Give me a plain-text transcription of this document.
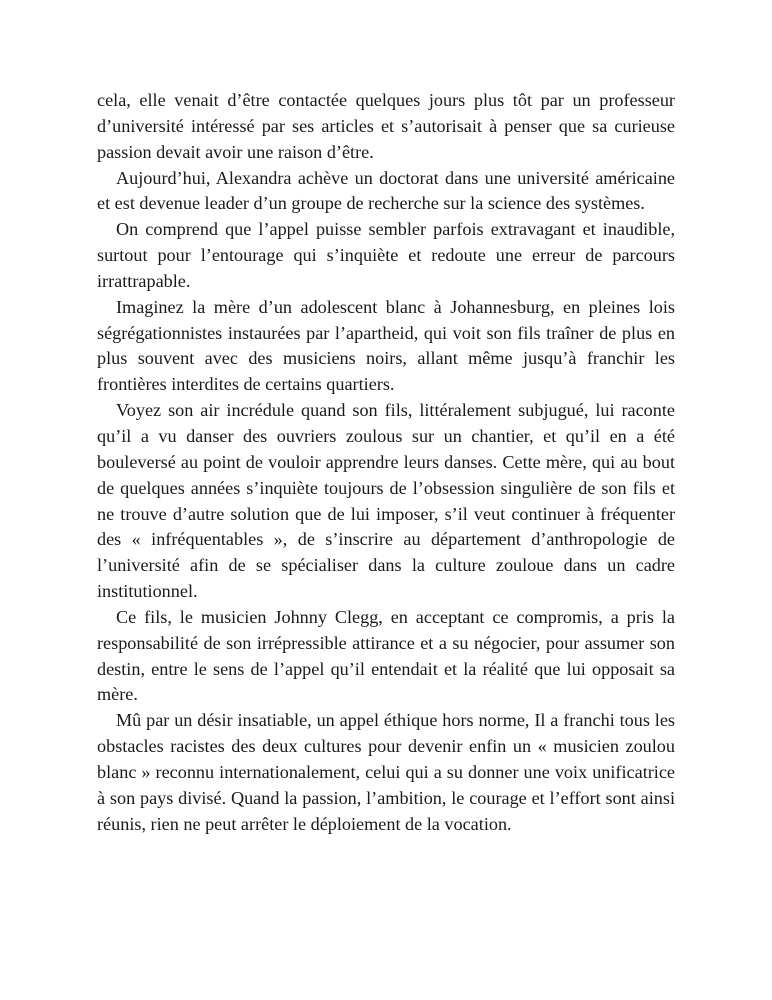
cela, elle venait d’être contactée quelques jours plus tôt par un professeur d’université intéressé par ses articles et s’autorisait à penser que sa curieuse passion devait avoir une raison d’être.

Aujourd’hui, Alexandra achève un doctorat dans une université américaine et est devenue leader d’un groupe de recherche sur la science des systèmes.

On comprend que l’appel puisse sembler parfois extravagant et inaudible, surtout pour l’entourage qui s’inquiète et redoute une erreur de parcours irrattrapable.

Imaginez la mère d’un adolescent blanc à Johannesburg, en pleines lois ségrégationnistes instaurées par l’apartheid, qui voit son fils traîner de plus en plus souvent avec des musiciens noirs, allant même jusqu’à franchir les frontières interdites de certains quartiers.

Voyez son air incrédule quand son fils, littéralement subjugué, lui raconte qu’il a vu danser des ouvriers zoulous sur un chantier, et qu’il en a été bouleversé au point de vouloir apprendre leurs danses. Cette mère, qui au bout de quelques années s’inquiète toujours de l’obsession singulière de son fils et ne trouve d’autre solution que de lui imposer, s’il veut continuer à fréquenter des « infréquentables », de s’inscrire au département d’anthropologie de l’université afin de se spécialiser dans la culture zouloue dans un cadre institutionnel.

Ce fils, le musicien Johnny Clegg, en acceptant ce compromis, a pris la responsabilité de son irrépressible attirance et a su négocier, pour assumer son destin, entre le sens de l’appel qu’il entendait et la réalité que lui opposait sa mère.

Mû par un désir insatiable, un appel éthique hors norme, Il a franchi tous les obstacles racistes des deux cultures pour devenir enfin un « musicien zoulou blanc » reconnu internationalement, celui qui a su donner une voix unificatrice à son pays divisé. Quand la passion, l’ambition, le courage et l’effort sont ainsi réunis, rien ne peut arrêter le déploiement de la vocation.
